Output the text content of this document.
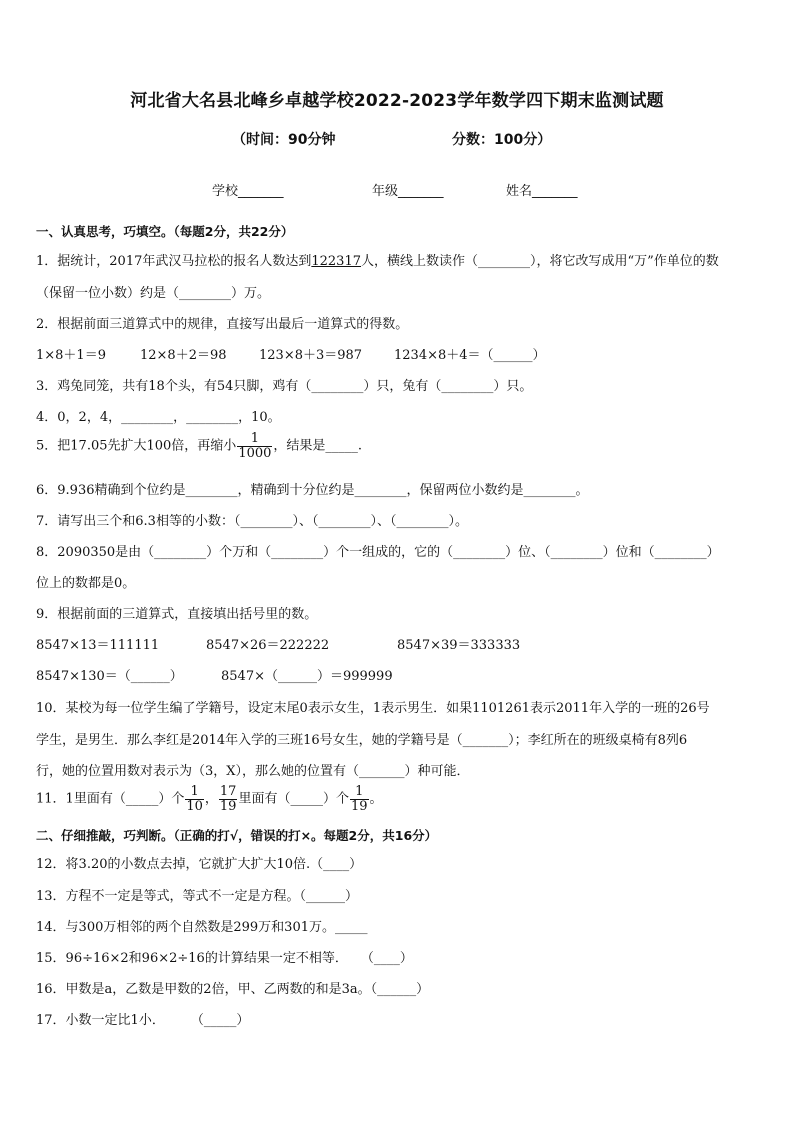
河北省大名县北峰乡卓越学校2022-2023学年数学四下期末监测试题
（时间：90分钟	分数：100分）
学校_______	年级_______	姓名_______
一、认真思考，巧填空。（每题2分，共22分）
1．据统计，2017年武汉马拉松的报名人数达到122317人，横线上数读作（________），将它改写成用“万”作单位的数
（保留一位小数）约是（________）万。
2．根据前面三道算式中的规律，直接写出最后一道算式的得数。
1×8＋1＝9	12×8＋2＝98 123×8＋3＝987 1234×8＋4＝（______）
3．鸡兔同笼，共有18个头，有54只脚，鸡有（________）只，兔有（________）只。
4．0，2，4，________，________，10。
5．把17.05先扩大100倍，再缩小 $\frac{1}{1000}$ ，结果是_____.
6．9.936精确到个位约是________，精确到十分位约是________，保留两位小数约是________。
7．请写出三个和6.3相等的小数：（________）、（________）、（________）。
8．2090350是由（________）个万和（________）个一组成的，它的（________）位、（________）位和（________）
位上的数都是0。
9．根据前面的三道算式，直接填出括号里的数。
8547×13＝111111	8547×26＝222222	8547×39＝333333
8547×130＝（______）	8547×（______）＝999999
10．某校为每一位学生编了学籍号，设定末尾0表示女生，1表示男生．如果1101261表示2011年入学的一班的26号
学生，是男生．那么李红是2014年入学的三班16号女生，她的学籍号是（_______）；李红所在的班级桌椅有8列6
行，她的位置用数对表示为（3，X），那么她的位置有（_______）种可能．
11．1里面有（_____）个 $\frac{1}{10}$ ， $\frac{17}{19}$ 里面有（_____）个 $\frac{1}{19}$ 。
二、仔细推敲，巧判断。（正确的打√，错误的打×。每题2分，共16分）
12．将3.20的小数点去掉，它就扩大扩大10倍.（____）
13．方程不一定是等式，等式不一定是方程。（______）
14．与300万相邻的两个自然数是299万和301万。_____
15．96÷16×2和96×2÷16的计算结果一定不相等．　　（____）
16．甲数是a，乙数是甲数的2倍，甲、乙两数的和是3a。（______）
17．小数一定比1小．　　　（_____）
